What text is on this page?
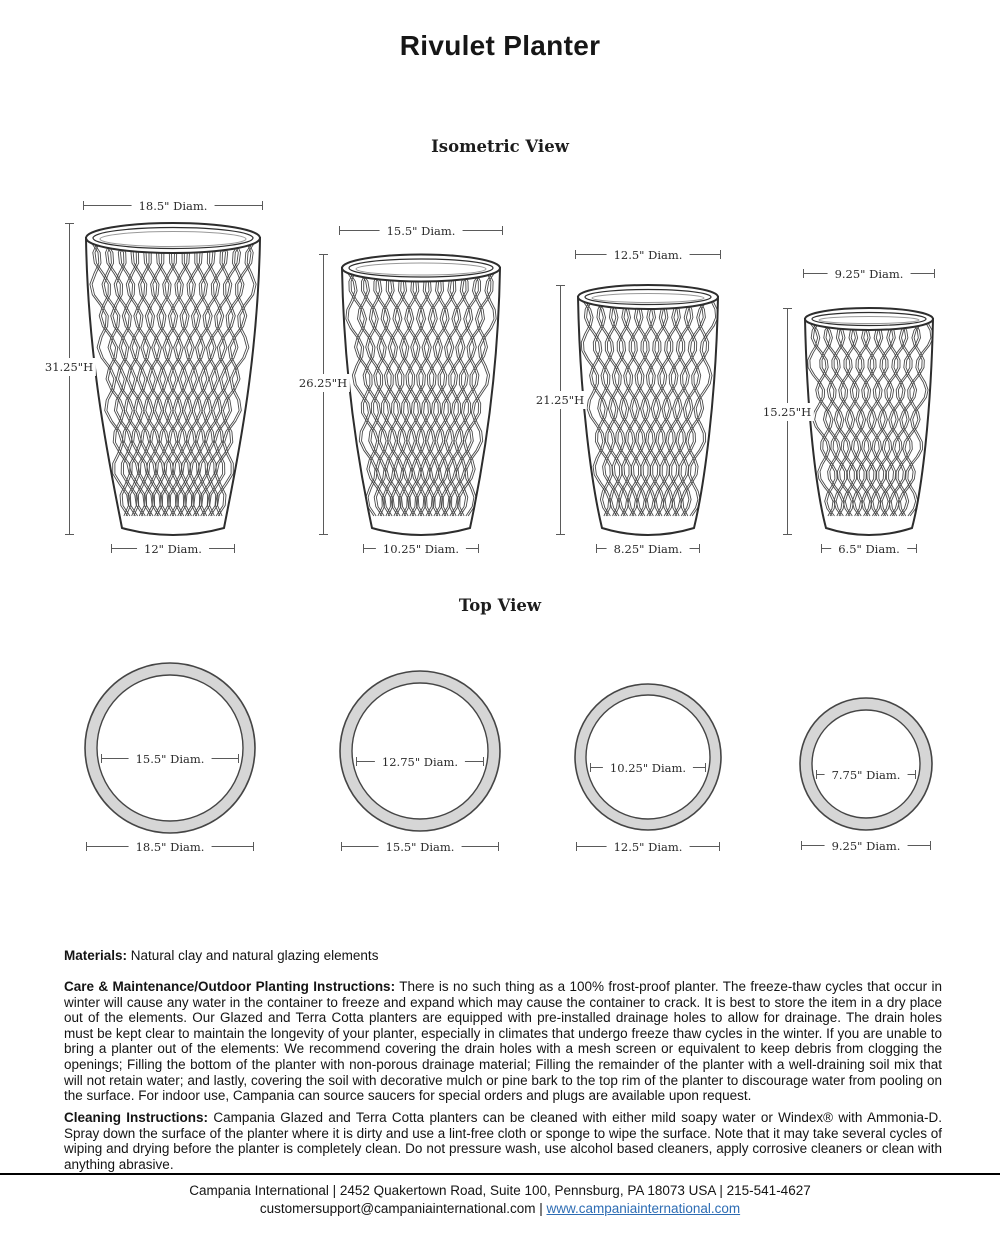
Rivulet Planter
Isometric View
Top View
18.5" Diam.
31.25"H
12" Diam.
15.5" Diam.
26.25"H
10.25" Diam.
12.5" Diam.
21.25"H
8.25" Diam.
9.25" Diam.
15.25"H
6.5" Diam.
15.5" Diam.
18.5" Diam.
12.75" Diam.
15.5" Diam.
10.25" Diam.
12.5" Diam.
7.75" Diam.
9.25" Diam.

Materials: Natural clay and natural glazing elements

Care & Maintenance/Outdoor Planting Instructions: There is no such thing as a 100% frost-proof planter. The freeze-thaw cycles that occur in winter will cause any water in the container to freeze and expand which may cause the container to crack. It is best to store the item in a dry place out of the elements. Our Glazed and Terra Cotta planters are equipped with pre-installed drainage holes to allow for drainage. The drain holes must be kept clear to maintain the longevity of your planter, especially in climates that undergo freeze thaw cycles in the winter. If you are unable to bring a planter out of the elements: We recommend covering the drain holes with a mesh screen or equivalent to keep debris from clogging the openings; Filling the bottom of the planter with non-porous drainage material; Filling the remainder of the planter with a well-draining soil mix that will not retain water; and lastly, covering the soil with decorative mulch or pine bark to the top rim of the planter to discourage water from pooling on the surface. For indoor use, Campania can source saucers for special orders and plugs are available upon request.

Cleaning Instructions: Campania Glazed and Terra Cotta planters can be cleaned with either mild soapy water or Windex® with Ammonia-D. Spray down the surface of the planter where it is dirty and use a lint-free cloth or sponge to wipe the surface. Note that it may take several cycles of wiping and drying before the planter is completely clean. Do not pressure wash, use alcohol based cleaners, apply corrosive cleaners or clean with anything abrasive.

Campania International | 2452 Quakertown Road, Suite 100, Pennsburg, PA 18073 USA | 215-541-4627
customersupport@campaniainternational.com | www.campaniainternational.com
